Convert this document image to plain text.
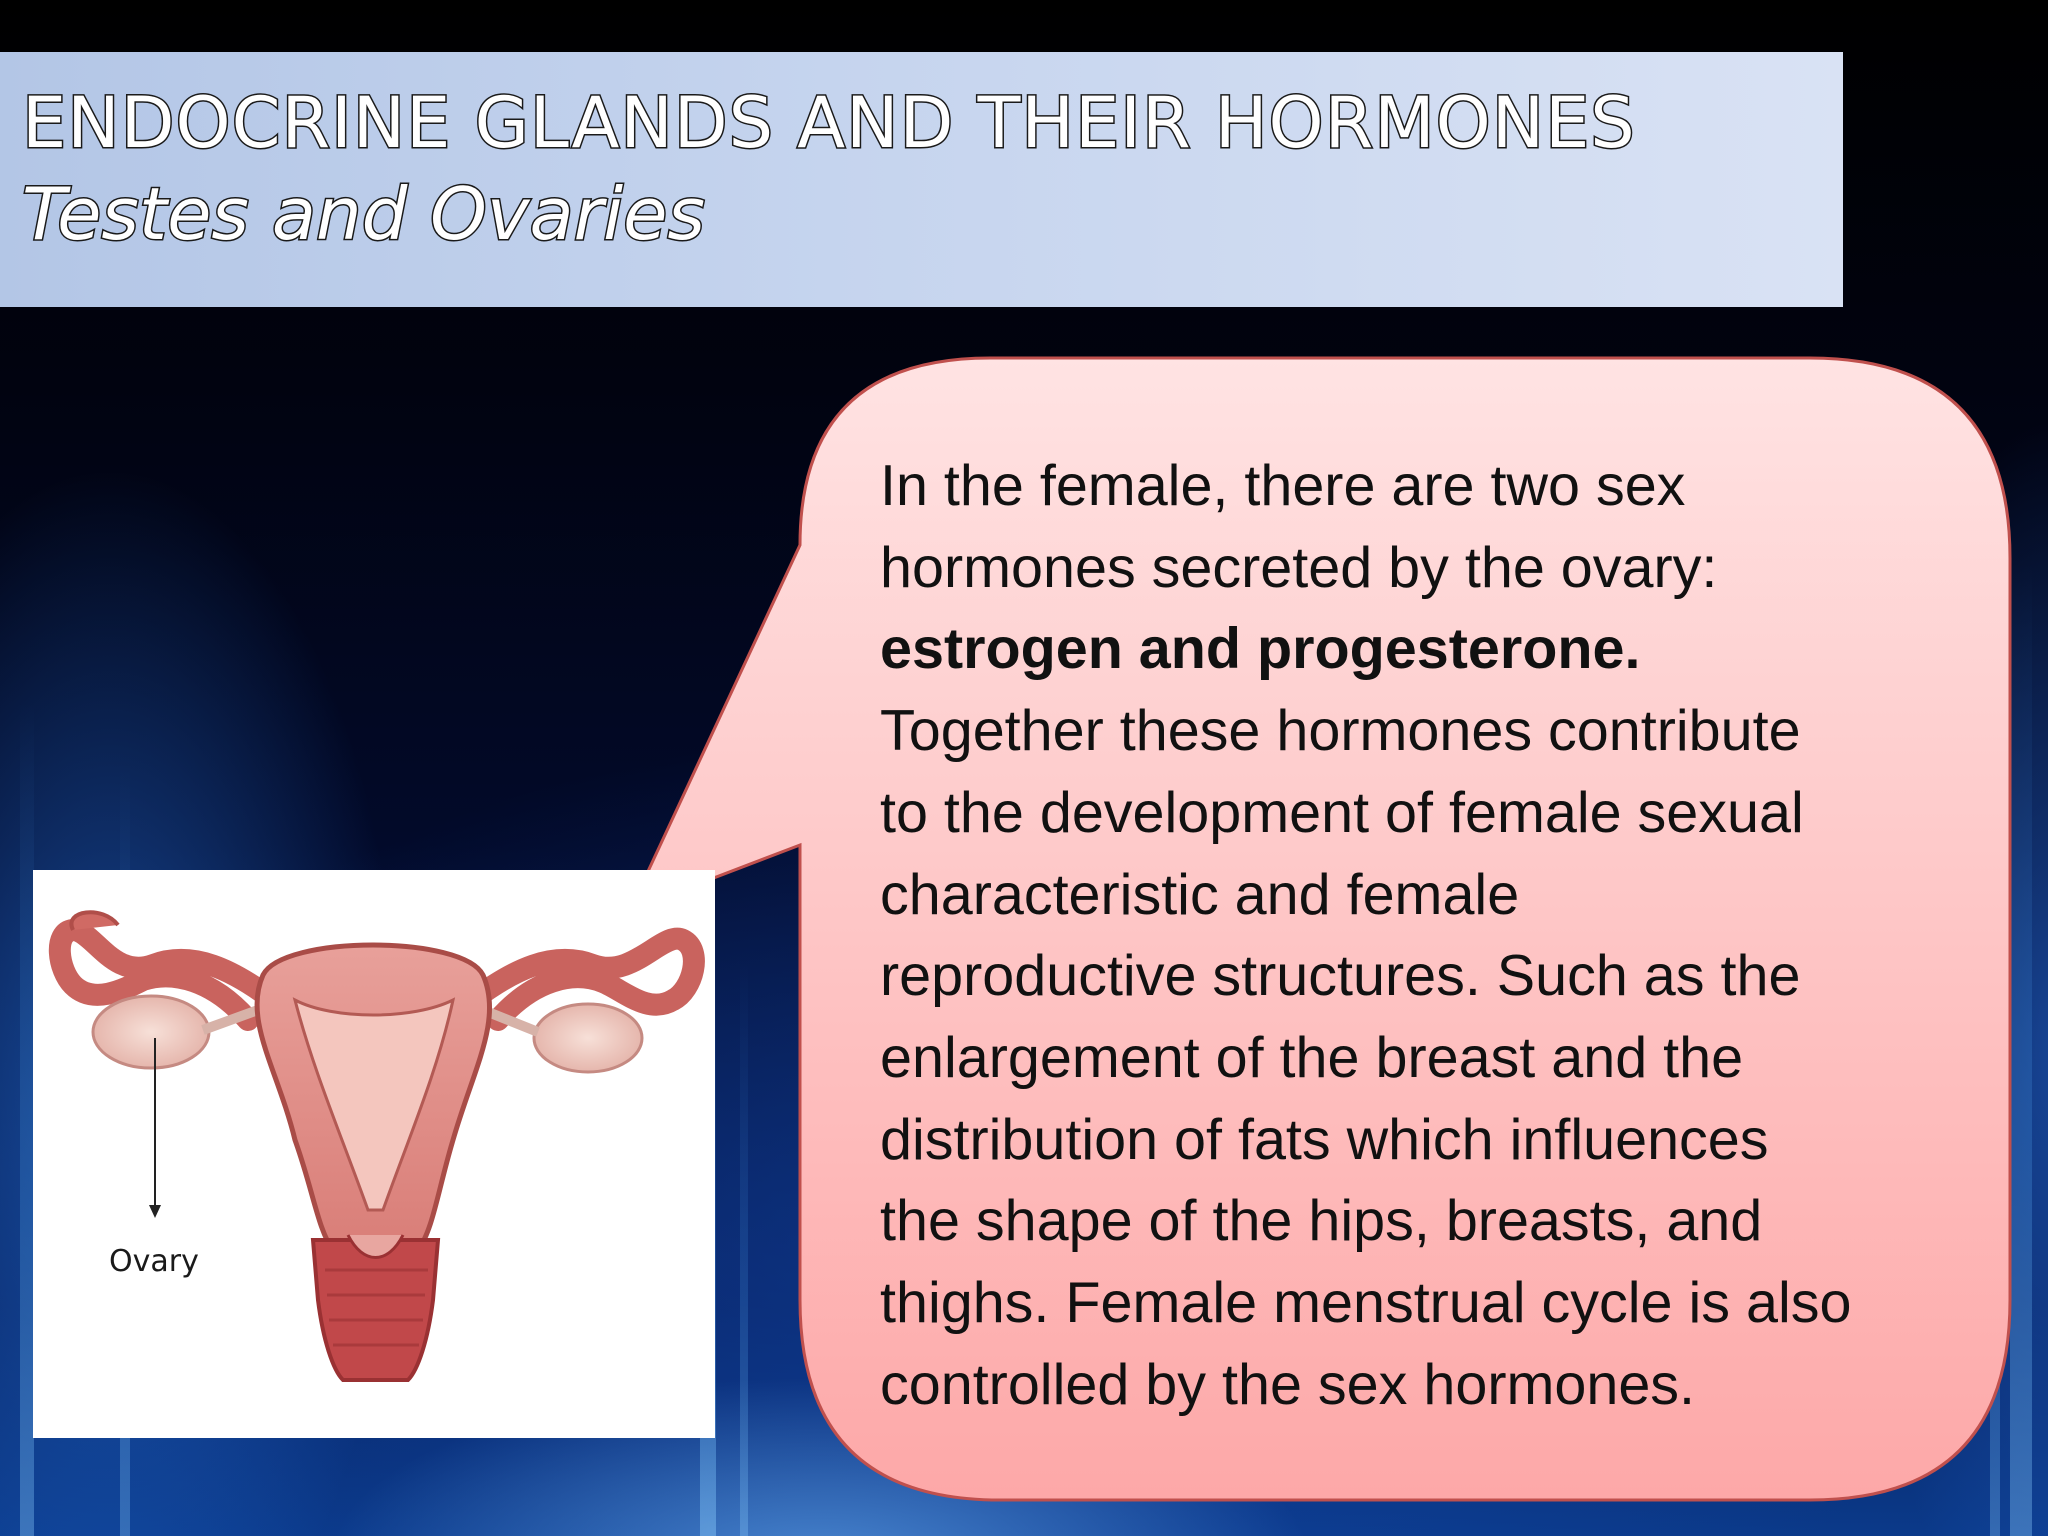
ENDOCRINE GLANDS AND THEIR HORMONES
Testes and Ovaries
In the female, there are two sex
hormones secreted by the ovary:
estrogen and progesterone.
Together these hormones contribute
to the development of female sexual
characteristic and female
reproductive structures. Such as the
enlargement of the breast and the
distribution of fats which influences
the shape of the hips, breasts, and
thighs. Female menstrual cycle is also
controlled by the sex hormones.
Ovary
